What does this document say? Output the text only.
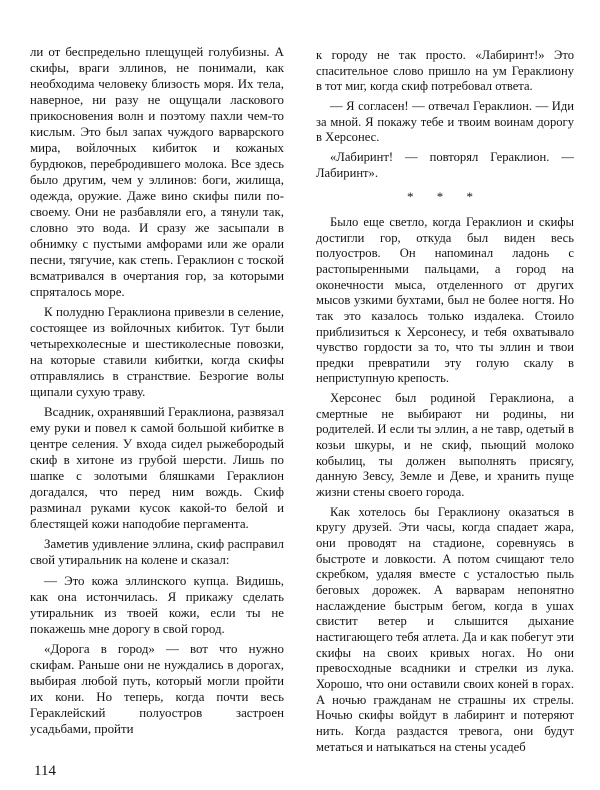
ли от беспредельно плещущей голубизны. А скифы, враги эллинов, не понимали, как необходима человеку близость моря. Их тела, наверное, ни разу не ощущали ласкового прикосновения волн и поэтому пахли чем-то кислым. Это был запах чуждого варварского мира, войлочных кибиток и кожаных бурдюков, перебродившего молока. Все здесь было другим, чем у эллинов: боги, жилища, одежда, оружие. Даже вино скифы пили по-своему. Они не разбавляли его, а тянули так, словно это вода. И сразу же засыпали в обнимку с пустыми амфорами или же орали песни, тягучие, как степь. Гераклион с тоской всматривался в очертания гор, за которыми спряталось море.

К полудню Гераклиона привезли в селение, состоящее из войлочных кибиток. Тут были четырехколесные и шестиколесные повозки, на которые ставили кибитки, когда скифы отправлялись в странствие. Безрогие волы щипали сухую траву.

Всадник, охранявший Гераклиона, развязал ему руки и повел к самой большой кибитке в центре селения. У входа сидел рыжебородый скиф в хитоне из грубой шерсти. Лишь по шапке с золотыми бляшками Гераклион догадался, что перед ним вождь. Скиф разминал руками кусок какой-то белой и блестящей кожи наподобие пергамента.

Заметив удивление эллина, скиф расправил свой утиральник на колене и сказал:

— Это кожа эллинского купца. Видишь, как она истончилась. Я прикажу сделать утиральник из твоей кожи, если ты не покажешь мне дорогу в свой город.

«Дорога в город» — вот что нужно скифам. Раньше они не нуждались в дорогах, выбирая любой путь, который могли пройти их кони. Но теперь, когда почти весь Гераклейский полуостров застроен усадьбами, пройти

к городу не так просто. «Лабиринт!» Это спасительное слово пришло на ум Гераклиону в тот миг, когда скиф потребовал ответа.

— Я согласен! — отвечал Гераклион. — Иди за мной. Я покажу тебе и твоим воинам дорогу в Херсонес.

«Лабиринт! — повторял Гераклион. — Лабиринт».

* * *

Было еще светло, когда Гераклион и скифы достигли гор, откуда был виден весь полуостров. Он напоминал ладонь с растопыренными пальцами, а город на оконечности мыса, отделенного от других мысов узкими бухтами, был не более ногтя. Но так это казалось только издалека. Стоило приблизиться к Херсонесу, и тебя охватывало чувство гордости за то, что ты эллин и твои предки превратили эту голую скалу в неприступную крепость.

Херсонес был родиной Гераклиона, а смертные не выбирают ни родины, ни родителей. И если ты эллин, а не тавр, одетый в козьи шкуры, и не скиф, пьющий молоко кобылиц, ты должен выполнять присягу, данную Зевсу, Земле и Деве, и хранить пуще жизни стены своего города.

Как хотелось бы Гераклиону оказаться в кругу друзей. Эти часы, когда спадает жара, они проводят на стадионе, соревнуясь в быстроте и ловкости. А потом счищают тело скребком, удаляя вместе с усталостью пыль беговых дорожек. А варварам непонятно наслаждение быстрым бегом, когда в ушах свистит ветер и слышится дыхание настигающего тебя атлета. Да и как побегут эти скифы на своих кривых ногах. Но они превосходные всадники и стрелки из лука. Хорошо, что они оставили своих коней в горах. А ночью гражданам не страшны их стрелы. Ночью скифы войдут в лабиринт и потеряют нить. Когда раздастся тревога, они будут метаться и натыкаться на стены усадеб

114
